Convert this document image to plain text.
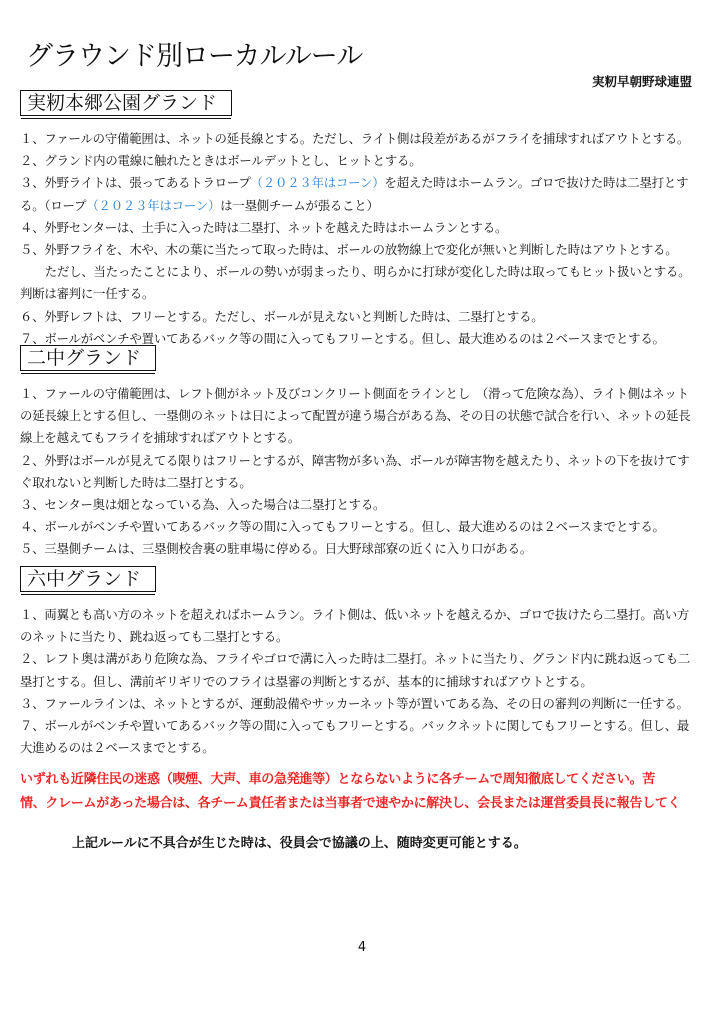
グラウンド別ローカルルール
実籾早朝野球連盟
実籾本郷公園グランド

１、ファールの守備範囲は、ネットの延長線とする。ただし、ライト側は段差があるがフライを捕球すればアウトとする。

２、グランド内の電線に触れたときはボールデットとし、ヒットとする。

３、外野ライトは、張ってあるトラロープ（２０２３年はコーン）を超えた時はホームラン。ゴロで抜けた時は二塁打とする。（ロープ（２０２３年はコーン）は一塁側チームが張ること）

４、外野センターは、土手に入った時は二塁打、ネットを越えた時はホームランとする。

５、外野フライを、木や、木の葉に当たって取った時は、ボールの放物線上で変化が無いと判断した時はアウトとする。

ただし、当たったことにより、ボールの勢いが弱まったり、明らかに打球が変化した時は取ってもヒット扱いとする。判断は審判に一任する。

６、外野レフトは、フリーとする。ただし、ボールが見えないと判断した時は、二塁打とする。

７、ボールがベンチや置いてあるバック等の間に入ってもフリーとする。但し、最大進めるのは２ベースまでとする。

二中グランド

１、ファールの守備範囲は、レフト側がネット及びコンクリート側面をラインとし　（滑って危険な為）、ライト側はネットの延長線上とする但し、一塁側のネットは日によって配置が違う場合がある為、その日の状態で試合を行い、ネットの延長線上を越えてもフライを捕球すればアウトとする。

２、外野はボールが見えてる限りはフリーとするが、障害物が多い為、ボールが障害物を越えたり、ネットの下を抜けてすぐ取れないと判断した時は二塁打とする。

３、センター奥は畑となっている為、入った場合は二塁打とする。

４、ボールがベンチや置いてあるバック等の間に入ってもフリーとする。但し、最大進めるのは２ベースまでとする。

５、三塁側チームは、三塁側校舎裏の駐車場に停める。日大野球部寮の近くに入り口がある。

六中グランド

１、両翼とも高い方のネットを超えればホームラン。ライト側は、低いネットを越えるか、ゴロで抜けたら二塁打。高い方のネットに当たり、跳ね返っても二塁打とする。

２、レフト奥は溝があり危険な為、フライやゴロで溝に入った時は二塁打。ネットに当たり、グランド内に跳ね返っても二塁打とする。但し、溝前ギリギリでのフライは塁審の判断とするが、基本的に捕球すればアウトとする。

３、ファールラインは、ネットとするが、運動設備やサッカーネット等が置いてある為、その日の審判の判断に一任する。

７、ボールがベンチや置いてあるバック等の間に入ってもフリーとする。バックネットに関してもフリーとする。但し、最大進めるのは２ベースまでとする。

いずれも近隣住民の迷惑（喫煙、大声、車の急発進等）とならないように各チームで周知徹底してください。苦
情、クレームがあった場合は、各チーム責任者または当事者で速やかに解決し、会長または運営委員長に報告してく
上記ルールに不具合が生じた時は、役員会で協議の上、随時変更可能とする。
4
